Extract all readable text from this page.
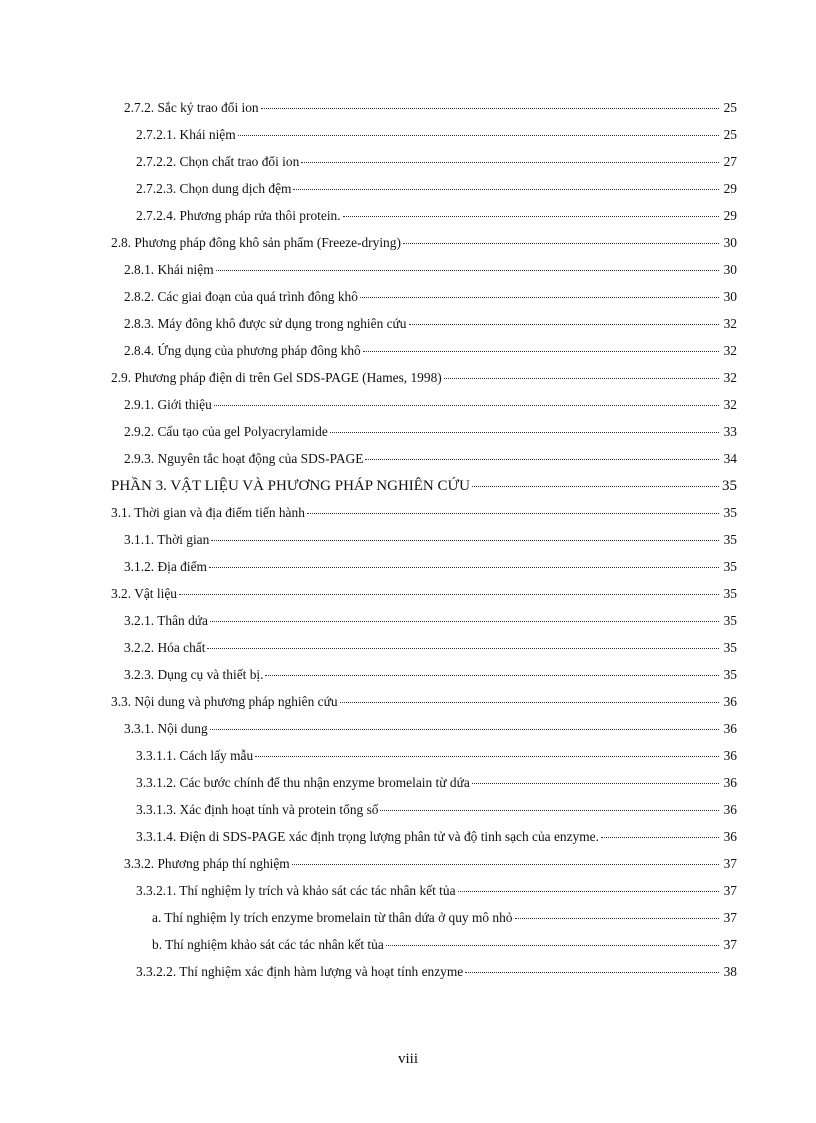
2.7.2. Sắc ký trao đổi ion	25
2.7.2.1. Khái niệm	25
2.7.2.2. Chọn chất trao đổi ion	27
2.7.2.3. Chọn dung dịch đệm	29
2.7.2.4. Phương pháp rửa thôi protein.	29
2.8. Phương pháp đông khô sản phẩm (Freeze-drying)	30
2.8.1. Khái niệm	30
2.8.2. Các giai đoạn của quá trình đông khô	30
2.8.3. Máy đông khô được sử dụng trong nghiên cứu	32
2.8.4. Ứng dụng của phương pháp đông khô	32
2.9. Phương pháp điện di trên Gel SDS-PAGE (Hames, 1998)	32
2.9.1. Giới thiệu	32
2.9.2. Cấu tạo của gel Polyacrylamide	33
2.9.3. Nguyên tắc hoạt động của SDS-PAGE	34
PHẦN 3. VẬT LIỆU VÀ PHƯƠNG PHÁP NGHIÊN CỨU	35
3.1. Thời gian và địa điểm tiến hành	35
3.1.1. Thời gian	35
3.1.2. Địa điểm	35
3.2. Vật liệu	35
3.2.1. Thân dứa	35
3.2.2. Hóa chất	35
3.2.3. Dụng cụ và thiết bị.	35
3.3. Nội dung và phương pháp nghiên cứu	36
3.3.1. Nội dung	36
3.3.1.1. Cách lấy mẫu	36
3.3.1.2. Các bước chính để thu nhận enzyme bromelain từ dứa	36
3.3.1.3. Xác định hoạt tính và protein tổng số	36
3.3.1.4. Điện di SDS-PAGE xác định trọng lượng phân tử và độ tinh sạch của enzyme.	36
3.3.2. Phương pháp thí nghiệm	37
3.3.2.1. Thí nghiệm ly trích và khảo sát các tác nhân kết tủa	37
a. Thí nghiệm ly trích enzyme bromelain từ thân dứa ở quy mô nhỏ	37
b. Thí nghiệm khảo sát các tác nhân kết tủa	37
3.3.2.2. Thí nghiệm xác định hàm lượng và hoạt tính enzyme	38
viii
